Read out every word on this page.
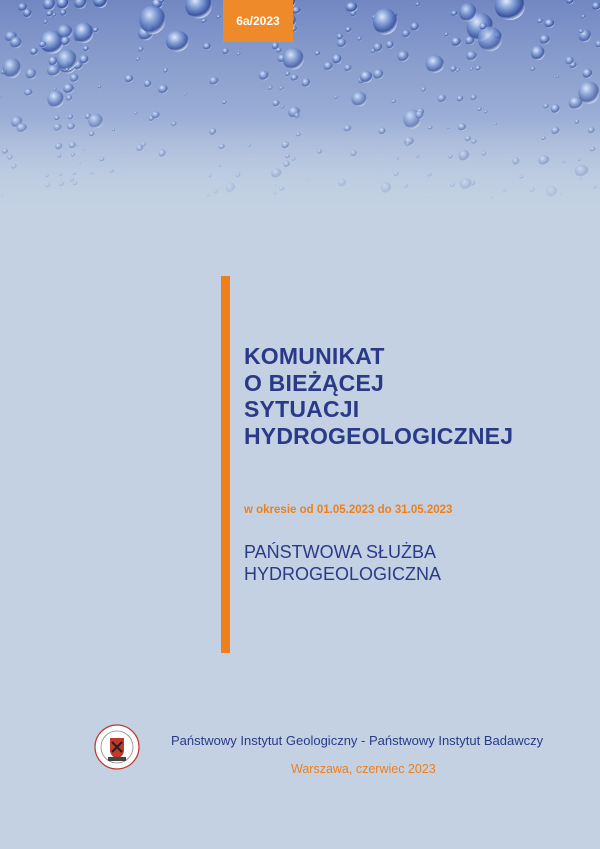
6a/2023
KOMUNIKAT
O BIEŻĄCEJ
SYTUACJI
HYDROGEOLOGICZNEJ
w okresie od 01.05.2023 do 31.05.2023
PAŃSTWOWA SŁUŻBA
HYDROGEOLOGICZNA
Państwowy Instytut Geologiczny - Państwowy Instytut Badawczy
Warszawa, czerwiec 2023
